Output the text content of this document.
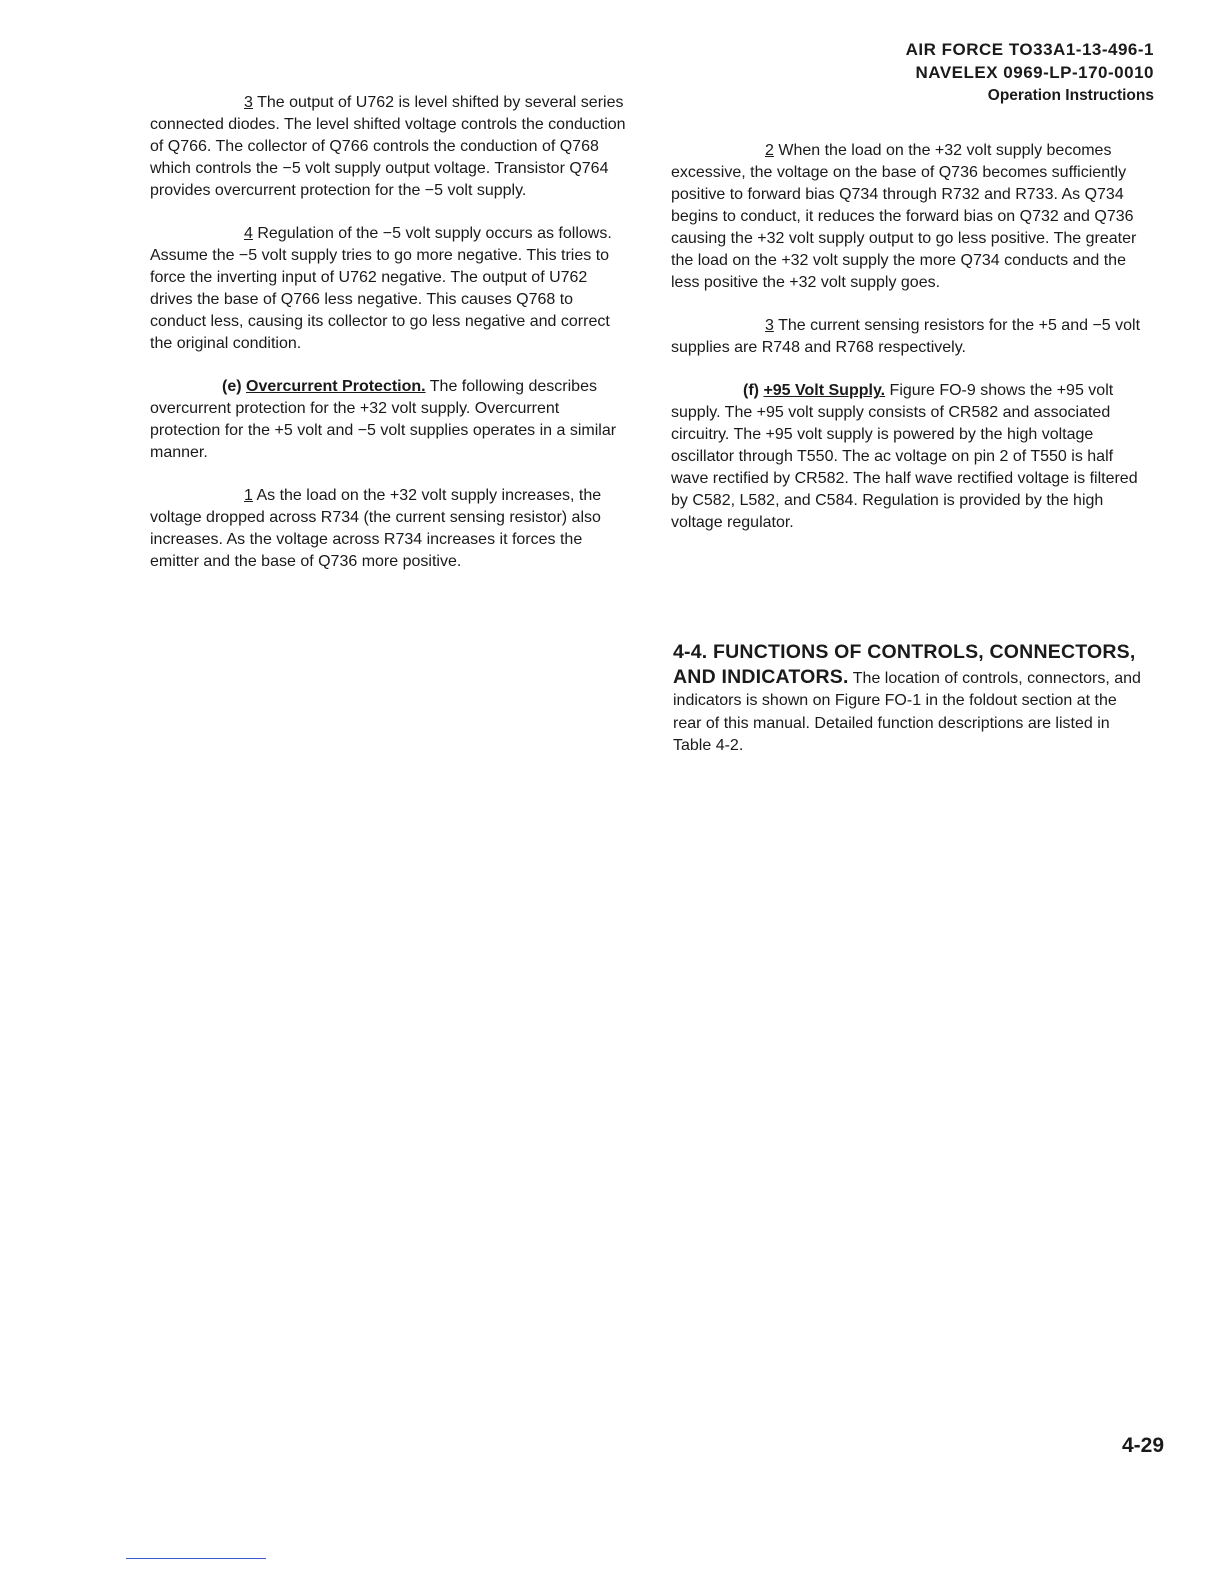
AIR FORCE TO33A1-13-496-1
NAVELEX 0969-LP-170-0010
Operation Instructions

3 The output of U762 is level shifted by several series connected diodes. The level shifted voltage controls the conduction of Q766. The collector of Q766 controls the conduction of Q768 which controls the −5 volt supply output voltage. Transistor Q764 provides overcurrent protection for the −5 volt supply.

4 Regulation of the −5 volt supply occurs as follows. Assume the −5 volt supply tries to go more negative. This tries to force the inverting input of U762 negative. The output of U762 drives the base of Q766 less negative. This causes Q768 to conduct less, causing its collector to go less negative and correct the original condition.

(e) Overcurrent Protection. The following describes overcurrent protection for the +32 volt supply. Overcurrent protection for the +5 volt and −5 volt supplies operates in a similar manner.

1 As the load on the +32 volt supply increases, the voltage dropped across R734 (the current sensing resistor) also increases. As the voltage across R734 increases it forces the emitter and the base of Q736 more positive.

2 When the load on the +32 volt supply becomes excessive, the voltage on the base of Q736 becomes sufficiently positive to forward bias Q734 through R732 and R733. As Q734 begins to conduct, it reduces the forward bias on Q732 and Q736 causing the +32 volt supply output to go less positive. The greater the load on the +32 volt supply the more Q734 conducts and the less positive the +32 volt supply goes.

3 The current sensing resistors for the +5 and −5 volt supplies are R748 and R768 respectively.

(f) +95 Volt Supply. Figure FO-9 shows the +95 volt supply. The +95 volt supply consists of CR582 and associated circuitry. The +95 volt supply is powered by the high voltage oscillator through T550. The ac voltage on pin 2 of T550 is half wave rectified by CR582. The half wave rectified voltage is filtered by C582, L582, and C584. Regulation is provided by the high voltage regulator.

4-4. FUNCTIONS OF CONTROLS, CONNECTORS, AND INDICATORS. The location of controls, connectors, and indicators is shown on Figure FO-1 in the foldout section at the rear of this manual. Detailed function descriptions are listed in Table 4-2.
4-29
